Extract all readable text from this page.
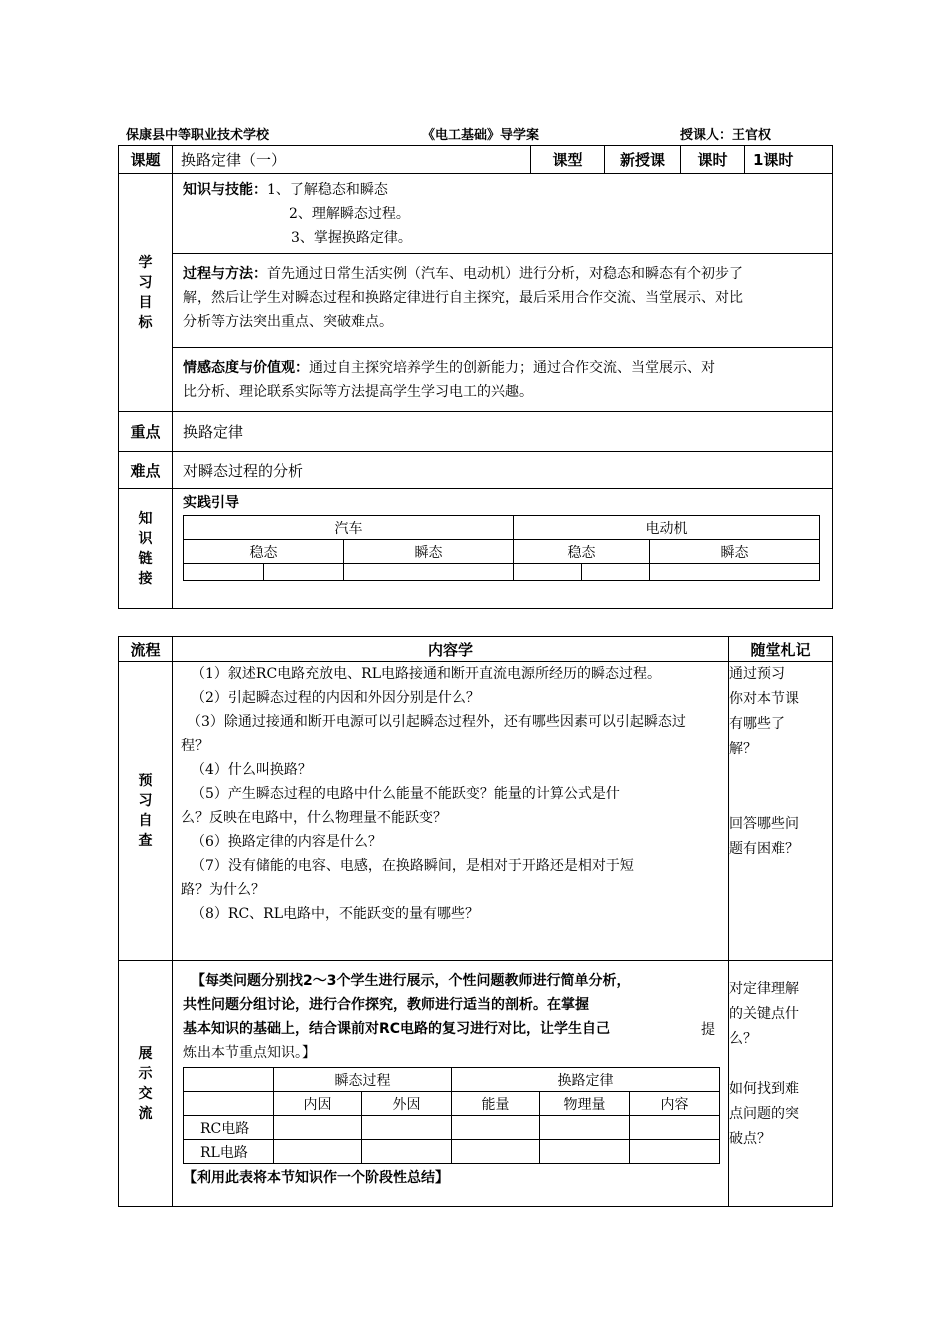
保康县中等职业技术学校	《电工基础》导学案	授课人：王官权
课题	换路定律（一）	课型	新授课	课时	1课时

学习目标

知识与技能：1、了解稳态和瞬态
2、理解瞬态过程。
3、掌握换路定律。

过程与方法：首先通过日常生活实例（汽车、电动机）进行分析，对稳态和瞬态有个初步了
解，然后让学生对瞬态过程和换路定律进行自主探究，最后采用合作交流、当堂展示、对比
分析等方法突出重点、突破难点。

情感态度与价值观：通过自主探究培养学生的创新能力；通过合作交流、当堂展示、对
比分析、理论联系实际等方法提高学生学习电工的兴趣。

重点	换路定律
难点	对瞬态过程的分析

知识链接

实践引导
汽车	电动机
稳态	瞬态	稳态	瞬态

流程	内容学	随堂札记

预习自查

（1）叙述RC电路充放电、RL电路接通和断开直流电源所经历的瞬态过程。
（2）引起瞬态过程的内因和外因分别是什么？
（3）除通过接通和断开电源可以引起瞬态过程外，还有哪些因素可以引起瞬态过
程？
（4）什么叫换路？
（5）产生瞬态过程的电路中什么能量不能跃变？能量的计算公式是什
么？反映在电路中，什么物理量不能跃变？
（6）换路定律的内容是什么？
（7）没有储能的电容、电感，在换路瞬间，是相对于开路还是相对于短
路？为什么？
（8）RC、RL电路中，不能跃变的量有哪些？

通过预习
你对本节课
有哪些了
解？
回答哪些问
题有困难？

展示交流

【每类问题分别找2～3个学生进行展示，个性问题教师进行简单分析，
共性问题分组讨论，进行合作探究，教师进行适当的剖析。在掌握
基本知识的基础上，结合课前对RC电路的复习进行对比，让学生自己
炼出本节重点知识。】
提
	瞬态过程	换路定律
	内因	外因	能量	物理量	内容
RC电路					
RL电路					
【利用此表将本节知识作一个阶段性总结】

对定律理解
的关键点什
么？
如何找到难
点问题的突
破点？
